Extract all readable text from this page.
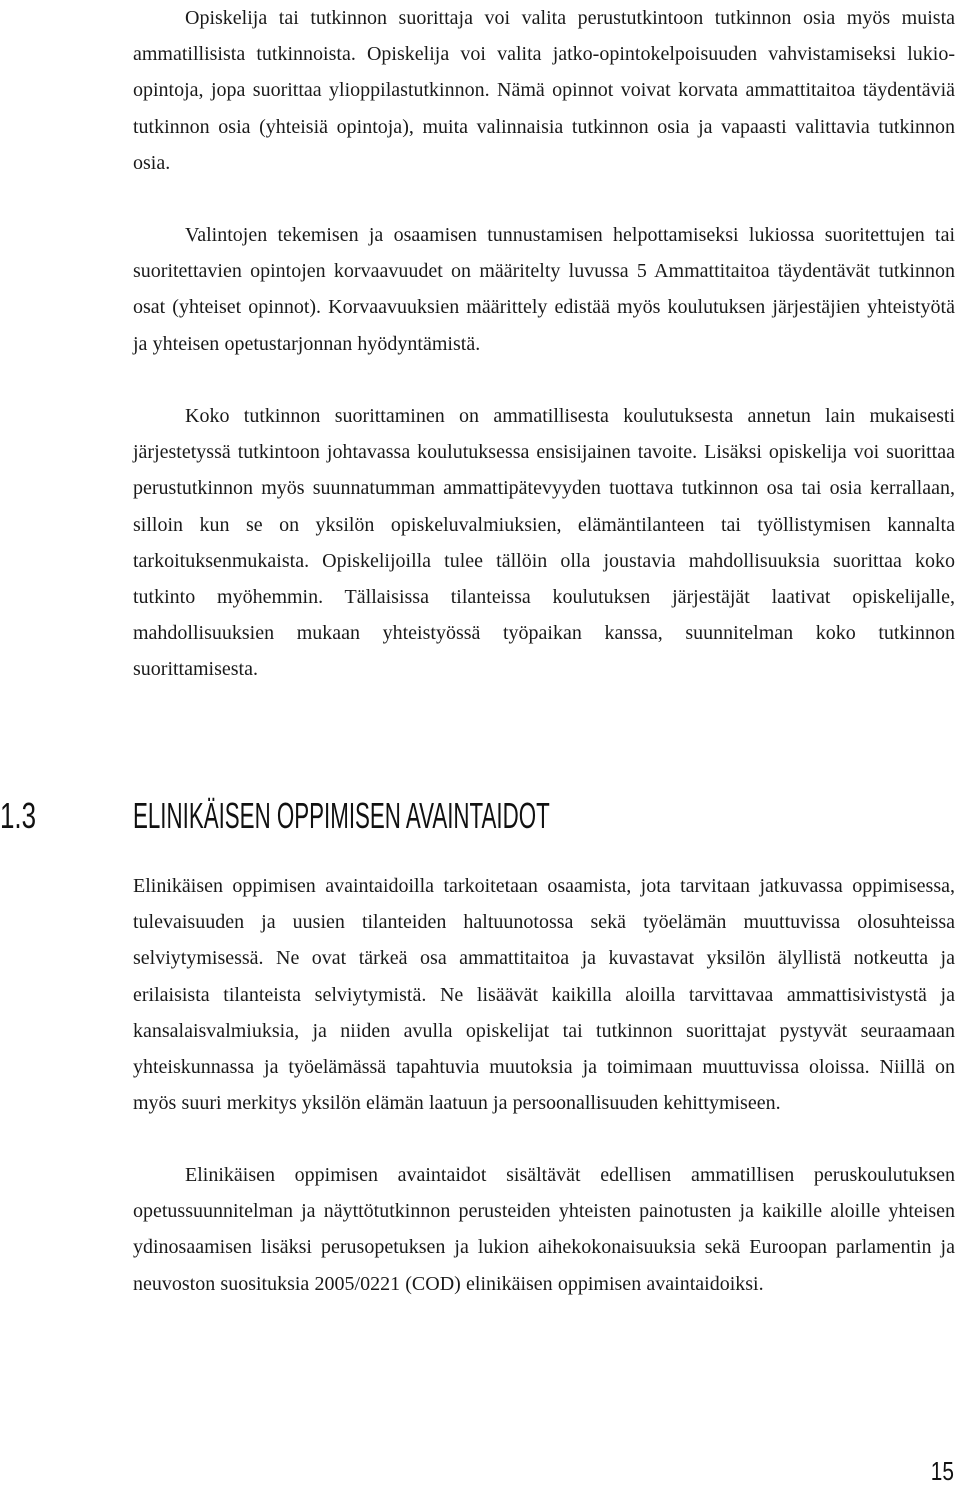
Opiskelija tai tutkinnon suorittaja voi valita perustutkintoon tutkinnon osia myös muista ammatillisista tutkinnoista. Opiskelija voi valita jatko-opintokelpoisuuden vahvistamiseksi lukio-opintoja, jopa suorittaa ylioppilastutkinnon. Nämä opinnot voivat korvata ammattitaitoa täydentäviä tutkinnon osia (yhteisiä opintoja), muita valinnaisia tutkinnon osia ja vapaasti valittavia tutkinnon osia.

Valintojen tekemisen ja osaamisen tunnustamisen helpottamiseksi lukiossa suoritettujen tai suoritettavien opintojen korvaavuudet on määritelty luvussa 5 Ammattitaitoa täydentävät tutkinnon osat (yhteiset opinnot). Korvaavuuksien määrittely edistää myös koulutuksen järjestäjien yhteistyötä ja yhteisen opetustarjonnan hyödyntämistä.

Koko tutkinnon suorittaminen on ammatillisesta koulutuksesta annetun lain mukaisesti järjestetyssä tutkintoon johtavassa koulutuksessa ensisijainen tavoite. Lisäksi opiskelija voi suorittaa perustutkinnon myös suunnatumman ammattipätevyyden tuottava tutkinnon osa tai osia kerrallaan, silloin kun se on yksilön opiskeluvalmiuksien, elämäntilanteen tai työllistymisen kannalta tarkoituksenmukaista. Opiskelijoilla tulee tällöin olla joustavia mahdollisuuksia suorittaa koko tutkinto myöhemmin. Tällaisissa tilanteissa koulutuksen järjestäjät laativat opiskelijalle, mahdollisuuksien mukaan yhteistyössä työpaikan kanssa, suunnitelman koko tutkinnon suorittamisesta.

1.3	ELINIKÄISEN OPPIMISEN AVAINTAIDOT

Elinikäisen oppimisen avaintaidoilla tarkoitetaan osaamista, jota tarvitaan jatkuvassa oppimisessa, tulevaisuuden ja uusien tilanteiden haltuunotossa sekä työelämän muuttuvissa olosuhteissa selviytymisessä. Ne ovat tärkeä osa ammattitaitoa ja kuvastavat yksilön älyllistä notkeutta ja erilaisista tilanteista selviytymistä. Ne lisäävät kaikilla aloilla tarvittavaa ammattisivistystä ja kansalaisvalmiuksia, ja niiden avulla opiskelijat tai tutkinnon suorittajat pystyvät seuraamaan yhteiskunnassa ja työelämässä tapahtuvia muutoksia ja toimimaan muuttuvissa oloissa. Niillä on myös suuri merkitys yksilön elämän laatuun ja persoonallisuuden kehittymiseen.

Elinikäisen oppimisen avaintaidot sisältävät edellisen ammatillisen peruskoulutuksen opetussuunnitelman ja näyttötutkinnon perusteiden yhteisten painotusten ja kaikille aloille yhteisen ydinosaamisen lisäksi perusopetuksen ja lukion aihekokonaisuuksia sekä Euroopan parlamentin ja neuvoston suosituksia 2005/0221 (COD) elinikäisen oppimisen avaintaidoiksi.

15
